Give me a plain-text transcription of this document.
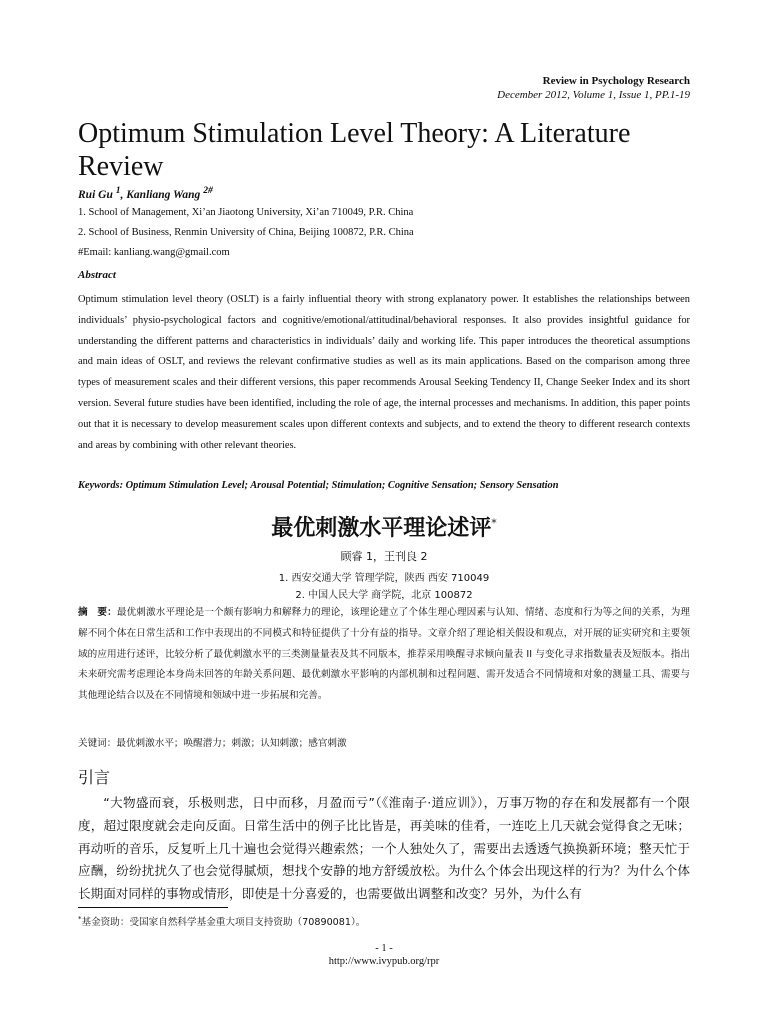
Review in Psychology Research
December 2012, Volume 1, Issue 1, PP.1-19
Optimum Stimulation Level Theory: A Literature Review
Rui Gu $^1$, Kanliang Wang $^{2\#}$
1. School of Management, Xi’an Jiaotong University, Xi’an 710049, P.R. China
2. School of Business, Renmin University of China, Beijing 100872, P.R. China
#Email: kanliang.wang@gmail.com
Abstract

Optimum stimulation level theory (OSLT) is a fairly influential theory with strong explanatory power. It establishes the relationships between individuals’ physio-psychological factors and cognitive/emotional/attitudinal/behavioral responses. It also provides insightful guidance for understanding the different patterns and characteristics in individuals’ daily and working life. This paper introduces the theoretical assumptions and main ideas of OSLT, and reviews the relevant confirmative studies as well as its main applications. Based on the comparison among three types of measurement scales and their different versions, this paper recommends Arousal Seeking Tendency II, Change Seeker Index and its short version. Several future studies have been identified, including the role of age, the internal processes and mechanisms. In addition, this paper points out that it is necessary to develop measurement scales upon different contexts and subjects, and to extend the theory to different research contexts and areas by combining with other relevant theories.

Keywords: Optimum Stimulation Level; Arousal Potential; Stimulation; Cognitive Sensation; Sensory Sensation
最优刺激水平理论述评*
顾睿 1，王刊良 2
1. 西安交通大学 管理学院，陕西 西安 710049
2. 中国人民大学 商学院，北京 100872

摘　要：最优刺激水平理论是一个颇有影响力和解释力的理论，该理论建立了个体生理心理因素与认知、情绪、态度和行为等之间的关系，为理解不同个体在日常生活和工作中表现出的不同模式和特征提供了十分有益的指导。文章介绍了理论相关假设和观点，对开展的证实研究和主要领域的应用进行述评，比较分析了最优刺激水平的三类测量量表及其不同版本，推荐采用唤醒寻求倾向量表 II 与变化寻求指数量表及短版本。指出未来研究需考虑理论本身尚未回答的年龄关系问题、最优刺激水平影响的内部机制和过程问题、需开发适合不同情境和对象的测量工具、需要与其他理论结合以及在不同情境和领域中进一步拓展和完善。

关键词：最优刺激水平；唤醒潜力；刺激；认知刺激；感官刺激
引言

“大物盛而衰，乐极则悲，日中而移，月盈而亏”（《淮南子·道应训》），万事万物的存在和发展都有一个限度，超过限度就会走向反面。日常生活中的例子比比皆是，再美味的佳肴，一连吃上几天就会觉得食之无味；再动听的音乐，反复听上几十遍也会觉得兴趣索然；一个人独处久了，需要出去透透气换换新环境；整天忙于应酬，纷纷扰扰久了也会觉得腻烦，想找个安静的地方舒缓放松。为什么个体会出现这样的行为？为什么个体长期面对同样的事物或情形，即使是十分喜爱的，也需要做出调整和改变？另外，为什么有

*基金资助：受国家自然科学基金重大项目支持资助（70890081）。
- 1 -
http://www.ivypub.org/rpr
